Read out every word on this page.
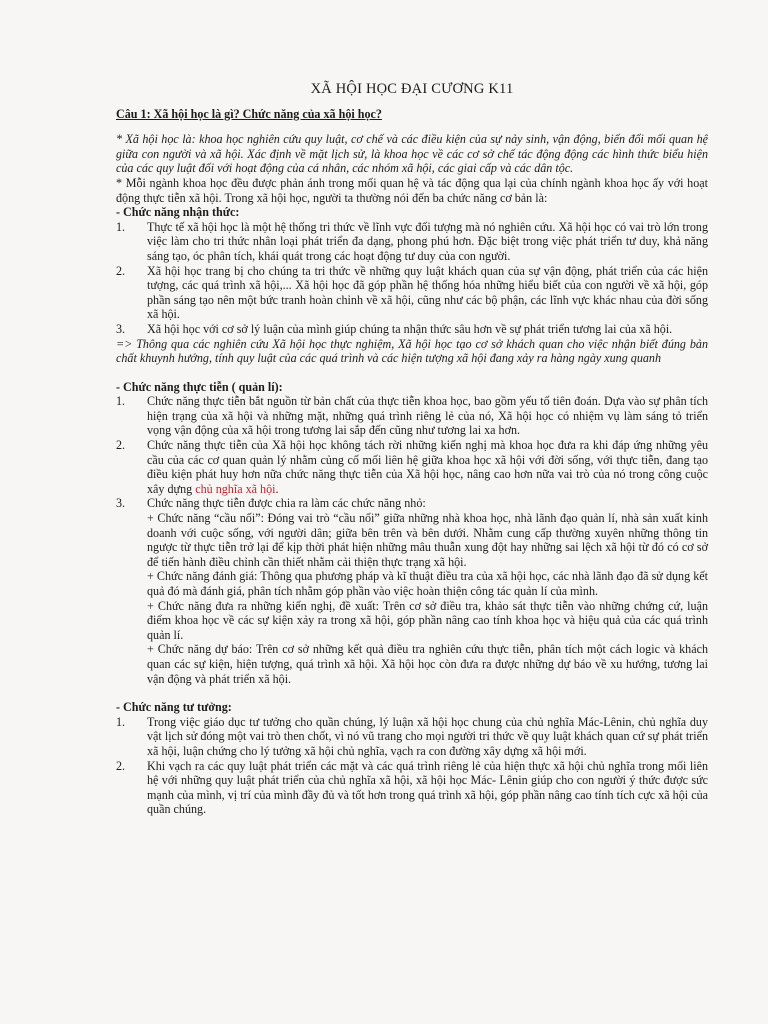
XÃ HỘI HỌC ĐẠI CƯƠNG K11
Câu 1: Xã hội học là gì? Chức năng của xã hội học?

* Xã hội học là: khoa học nghiên cứu quy luật, cơ chế và các điều kiện của sự nảy sinh, vận động, biến đổi mối quan hệ giữa con người và xã hội. Xác định về mặt lịch sử, là khoa học về các cơ sở chế tác động động các hình thức biểu hiện của các quy luật đối với hoạt động của cá nhân, các nhóm xã hội, các giai cấp và các dân tộc.

* Mỗi ngành khoa học đều được phản ánh trong mối quan hệ và tác động qua lại của chính ngành khoa học ấy với hoạt động thực tiễn xã hội. Trong xã hội học, người ta thường nói đến ba chức năng cơ bản là:

- Chức năng nhận thức:
1. Thực tế xã hội học là một hệ thống tri thức về lĩnh vực đối tượng mà nó nghiên cứu. Xã hội học có vai trò lớn trong việc làm cho tri thức nhân loại phát triển đa dạng, phong phú hơn. Đặc biệt trong việc phát triển tư duy, khả năng sáng tạo, óc phân tích, khái quát trong các hoạt động tư duy của con người.
2. Xã hội học trang bị cho chúng ta tri thức về những quy luật khách quan của sự vận động, phát triển của các hiện tượng, các quá trình xã hội,... Xã hội học đã góp phần hệ thống hóa những hiểu biết của con người về xã hội, góp phần sáng tạo nên một bức tranh hoàn chỉnh về xã hội, cũng như các bộ phận, các lĩnh vực khác nhau của đời sống xã hội.
3. Xã hội học với cơ sở lý luận của mình giúp chúng ta nhận thức sâu hơn về sự phát triển tương lai của xã hội.

=> Thông qua các nghiên cứu Xã hội học thực nghiệm, Xã hội học tạo cơ sở khách quan cho việc nhận biết đúng bản chất khuynh hướng, tính quy luật của các quá trình và các hiện tượng xã hội đang xảy ra hàng ngày xung quanh

- Chức năng thực tiễn ( quản lí):
1. Chức năng thực tiễn bắt nguồn từ bản chất của thực tiễn khoa học, bao gồm yếu tố tiên đoán. Dựa vào sự phân tích hiện trạng của xã hội và những mặt, những quá trình riêng lẻ của nó, Xã hội học có nhiệm vụ làm sáng tỏ triển vọng vận động của xã hội trong tương lai sắp đến cũng như tương lai xa hơn.
2. Chức năng thực tiễn của Xã hội học không tách rời những kiến nghị mà khoa học đưa ra khi đáp ứng những yêu cầu của các cơ quan quản lý nhằm củng cố mối liên hệ giữa khoa học xã hội với đời sống, với thực tiễn, đang tạo điều kiện phát huy hơn nữa chức năng thực tiễn của Xã hội học, nâng cao hơn nữa vai trò của nó trong công cuộc xây dựng chủ nghĩa xã hội.
3. Chức năng thực tiễn được chia ra làm các chức năng nhỏ:

+ Chức năng “cầu nối”: Đóng vai trò “cầu nối” giữa những nhà khoa học, nhà lãnh đạo quản lí, nhà sản xuất kinh doanh với cuộc sống, với người dân; giữa bên trên và bên dưới. Nhằm cung cấp thường xuyên những thông tin ngược từ thực tiễn trở lại để kịp thời phát hiện những mâu thuẫn xung đột hay những sai lệch xã hội từ đó có cơ sở để tiến hành điều chỉnh cần thiết nhằm cải thiện thực trạng xã hội.

+ Chức năng đánh giá: Thông qua phương pháp và kĩ thuật điều tra của xã hội học, các nhà lãnh đạo đã sử dụng kết quả đó mà đánh giá, phân tích nhằm góp phần vào việc hoàn thiện công tác quản lí của mình.

+ Chức năng đưa ra những kiến nghị, đề xuất: Trên cơ sở điều tra, khảo sát thực tiễn vào những chứng cứ, luận điểm khoa học về các sự kiện xảy ra trong xã hội, góp phần nâng cao tính khoa học và hiệu quả của các quá trình quản lí.

+ Chức năng dự báo: Trên cơ sở những kết quả điều tra nghiên cứu thực tiễn, phân tích một cách logic và khách quan các sự kiện, hiện tượng, quá trình xã hội. Xã hội học còn đưa ra được những dự báo về xu hướng, tương lai vận động và phát triển xã hội.

- Chức năng tư tưởng:
1. Trong việc giáo dục tư tưởng cho quần chúng, lý luận xã hội học chung của chủ nghĩa Mác-Lênin, chủ nghĩa duy vật lịch sử đóng một vai trò then chốt, vì nó vũ trang cho mọi người tri thức về quy luật khách quan cứ sự phát triển xã hội, luận chứng cho lý tưởng xã hội chủ nghĩa, vạch ra con đường xây dựng xã hội mới.
2. Khi vạch ra các quy luật phát triển các mặt và các quá trình riêng lẻ của hiện thực xã hội chủ nghĩa trong mối liên hệ với những quy luật phát triển của chủ nghĩa xã hội, xã hội học Mác- Lênin giúp cho con người ý thức được sức mạnh của mình, vị trí của mình đầy đủ và tốt hơn trong quá trình xã hội, góp phần nâng cao tính tích cực xã hội của quần chúng.
